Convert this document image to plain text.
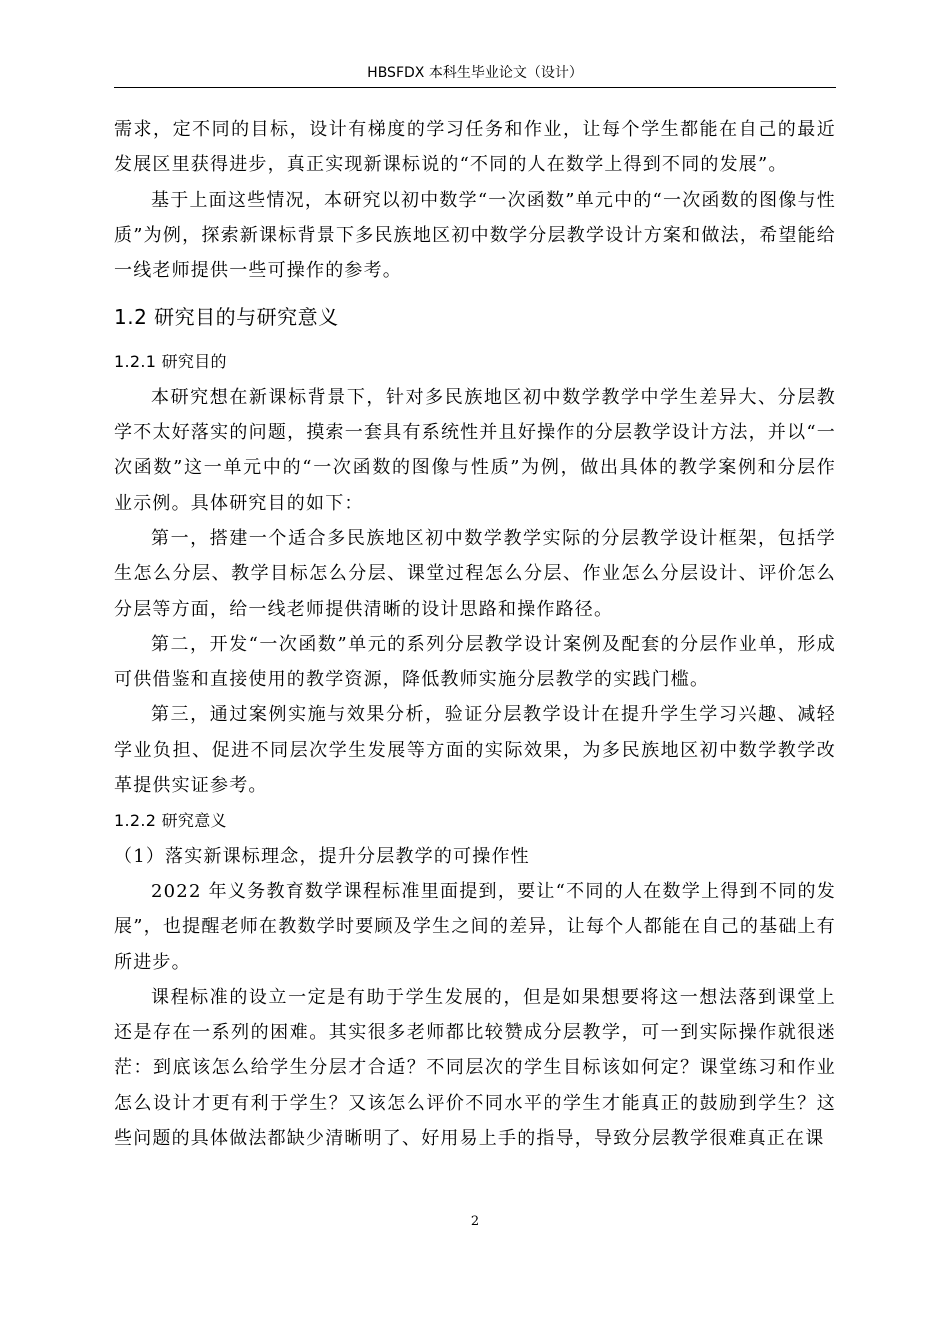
HBSFDX 本科生毕业论文（设计）

需求，定不同的目标，设计有梯度的学习任务和作业，让每个学生都能在自己的最近发展区里获得进步，真正实现新课标说的“不同的人在数学上得到不同的发展”。

基于上面这些情况，本研究以初中数学“一次函数”单元中的“一次函数的图像与性质”为例，探索新课标背景下多民族地区初中数学分层教学设计方案和做法，希望能给一线老师提供一些可操作的参考。

1.2 研究目的与研究意义
1.2.1 研究目的

本研究想在新课标背景下，针对多民族地区初中数学教学中学生差异大、分层教学不太好落实的问题，摸索一套具有系统性并且好操作的分层教学设计方法，并以“一次函数”这一单元中的“一次函数的图像与性质”为例，做出具体的教学案例和分层作业示例。具体研究目的如下：

第一，搭建一个适合多民族地区初中数学教学实际的分层教学设计框架，包括学生怎么分层、教学目标怎么分层、课堂过程怎么分层、作业怎么分层设计、评价怎么分层等方面，给一线老师提供清晰的设计思路和操作路径。

第二，开发“一次函数”单元的系列分层教学设计案例及配套的分层作业单，形成可供借鉴和直接使用的教学资源，降低教师实施分层教学的实践门槛。

第三，通过案例实施与效果分析，验证分层教学设计在提升学生学习兴趣、减轻学业负担、促进不同层次学生发展等方面的实际效果，为多民族地区初中数学教学改革提供实证参考。

1.2.2 研究意义

（1）落实新课标理念，提升分层教学的可操作性

2022 年义务教育数学课程标准里面提到，要让“不同的人在数学上得到不同的发展”，也提醒老师在教数学时要顾及学生之间的差异，让每个人都能在自己的基础上有所进步。

课程标准的设立一定是有助于学生发展的，但是如果想要将这一想法落到课堂上还是存在一系列的困难。其实很多老师都比较赞成分层教学，可一到实际操作就很迷茫：到底该怎么给学生分层才合适？不同层次的学生目标该如何定？课堂练习和作业怎么设计才更有利于学生？又该怎么评价不同水平的学生才能真正的鼓励到学生？这些问题的具体做法都缺少清晰明了、好用易上手的指导，导致分层教学很难真正在课

2
